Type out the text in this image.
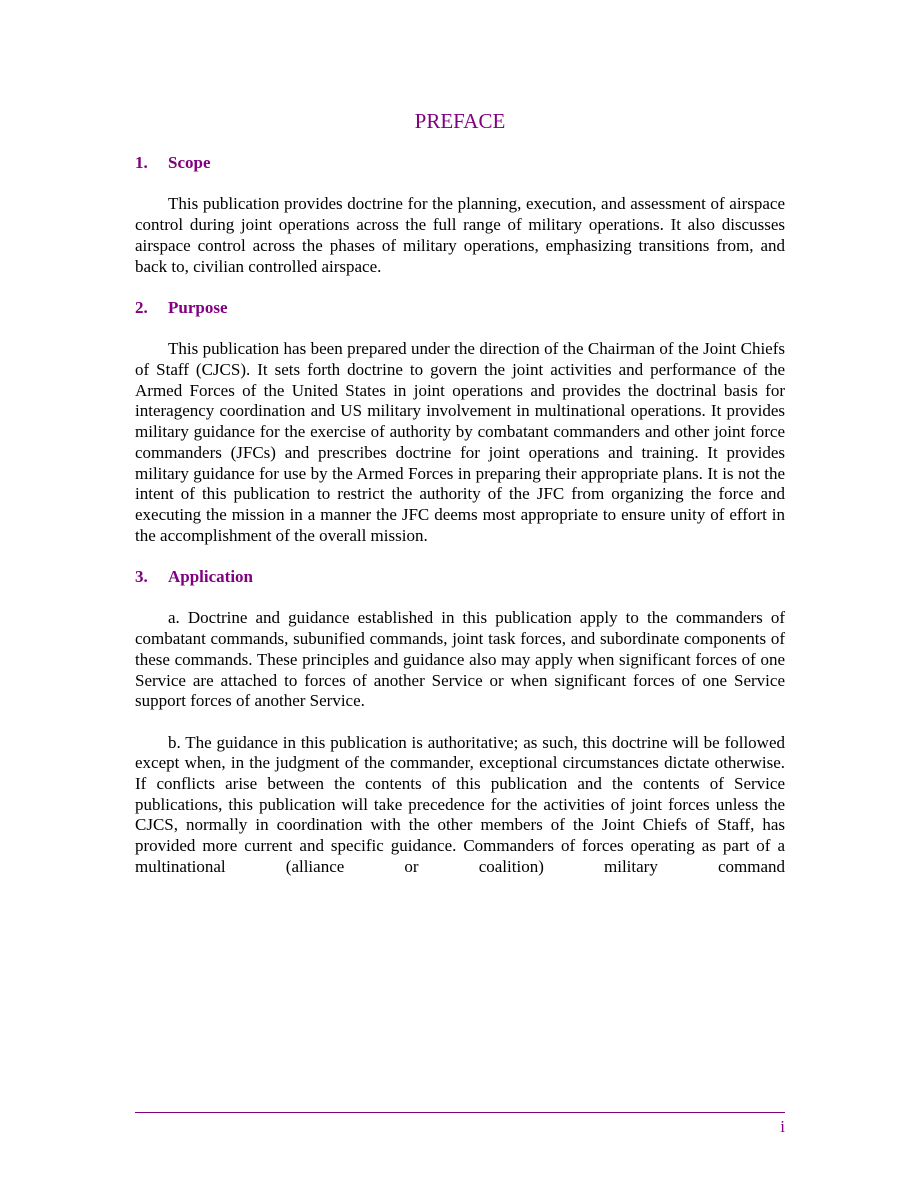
PREFACE
1. Scope

This publication provides doctrine for the planning, execution, and assessment of airspace control during joint operations across the full range of military operations. It also discusses airspace control across the phases of military operations, emphasizing transitions from, and back to, civilian controlled airspace.

2. Purpose

This publication has been prepared under the direction of the Chairman of the Joint Chiefs of Staff (CJCS). It sets forth doctrine to govern the joint activities and performance of the Armed Forces of the United States in joint operations and provides the doctrinal basis for interagency coordination and US military involvement in multinational operations. It provides military guidance for the exercise of authority by combatant commanders and other joint force commanders (JFCs) and prescribes doctrine for joint operations and training. It provides military guidance for use by the Armed Forces in preparing their appropriate plans. It is not the intent of this publication to restrict the authority of the JFC from organizing the force and executing the mission in a manner the JFC deems most appropriate to ensure unity of effort in the accomplishment of the overall mission.

3. Application

a. Doctrine and guidance established in this publication apply to the commanders of combatant commands, subunified commands, joint task forces, and subordinate components of these commands. These principles and guidance also may apply when significant forces of one Service are attached to forces of another Service or when significant forces of one Service support forces of another Service.

b. The guidance in this publication is authoritative; as such, this doctrine will be followed except when, in the judgment of the commander, exceptional circumstances dictate otherwise. If conflicts arise between the contents of this publication and the contents of Service publications, this publication will take precedence for the activities of joint forces unless the CJCS, normally in coordination with the other members of the Joint Chiefs of Staff, has provided more current and specific guidance. Commanders of forces operating as part of a multinational (alliance or coalition) military command

i
